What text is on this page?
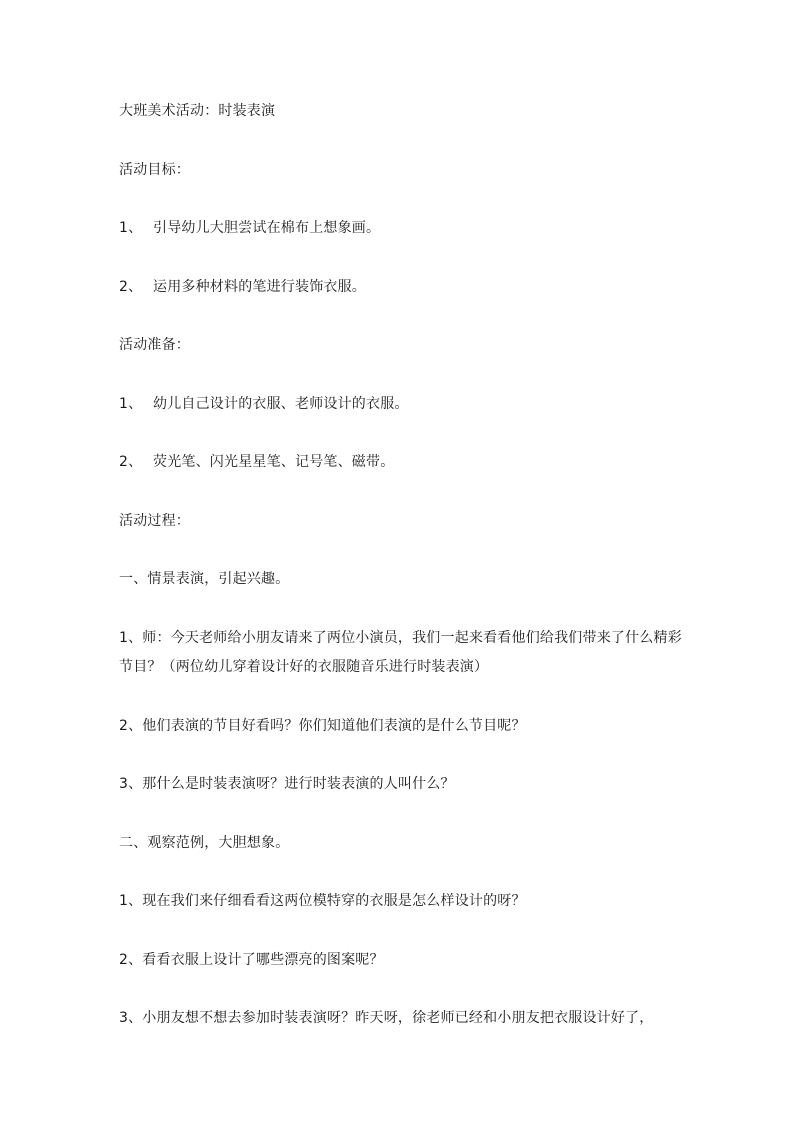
大班美术活动：时装表演
活动目标：
1、 引导幼儿大胆尝试在棉布上想象画。
2、 运用多种材料的笔进行装饰衣服。
活动准备：
1、 幼儿自己设计的衣服、老师设计的衣服。
2、 荧光笔、闪光星星笔、记号笔、磁带。
活动过程：
一、情景表演，引起兴趣。
1、师：今天老师给小朋友请来了两位小演员，我们一起来看看他们给我们带来了什么精彩
节目？（两位幼儿穿着设计好的衣服随音乐进行时装表演）
2、他们表演的节目好看吗？你们知道他们表演的是什么节目呢？
3、那什么是时装表演呀？进行时装表演的人叫什么？
二、观察范例，大胆想象。
1、现在我们来仔细看看这两位模特穿的衣服是怎么样设计的呀？
2、看看衣服上设计了哪些漂亮的图案呢？
3、小朋友想不想去参加时装表演呀？昨天呀，徐老师已经和小朋友把衣服设计好了，
